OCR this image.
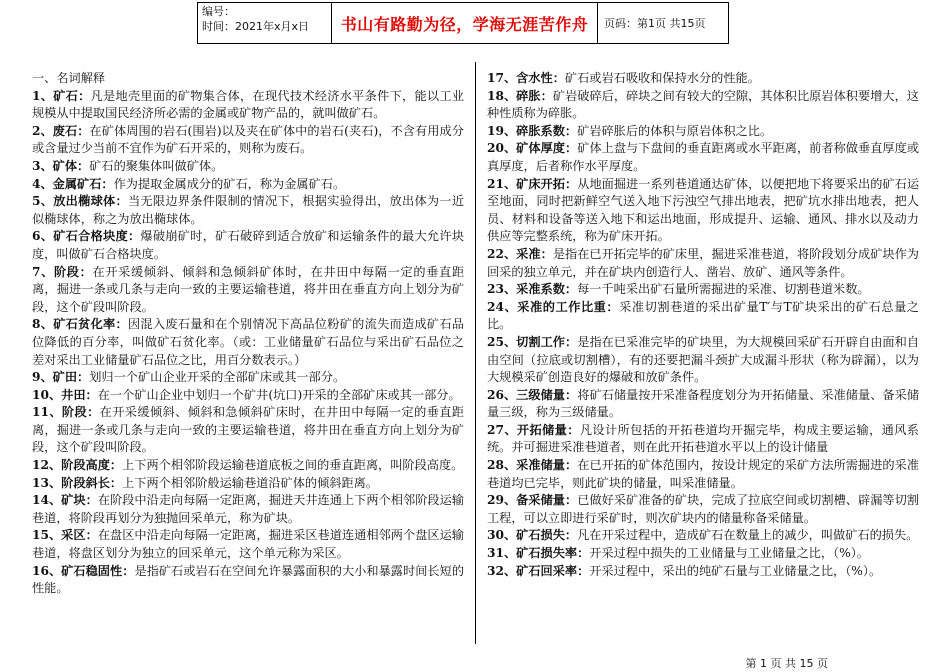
编号：
时间：2021年x月x日	书山有路勤为径，学海无涯苦作舟 页码：第1页 共15页

一、名词解释

1、矿石：凡是地壳里面的矿物集合体，在现代技术经济水平条件下，能以工业规模从中提取国民经济所必需的金属或矿物产品的，就叫做矿石。

2、废石：在矿体周围的岩石(围岩)以及夹在矿体中的岩石(夹石)，不含有用成分或含量过少当前不宜作为矿石开采的，则称为废石。

3、矿体：矿石的聚集体叫做矿体。

4、金属矿石：作为提取金属成分的矿石，称为金属矿石。

5、放出椭球体：当无限边界条件限制的情况下，根据实验得出，放出体为一近似椭球体，称之为放出椭球体。

6、矿石合格块度：爆破崩矿时，矿石破碎到适合放矿和运输条件的最大允许块度，叫做矿石合格块度。

7、阶段：在开采缓倾斜、倾斜和急倾斜矿体时，在井田中每隔一定的垂直距离，掘进一条或几条与走向一致的主要运输巷道，将井田在垂直方向上划分为矿段，这个矿段叫阶段。

8、矿石贫化率：因混入废石量和在个别情况下高品位粉矿的流失而造成矿石品位降低的百分率，叫做矿石贫化率。（或：工业储量矿石品位与采出矿石品位之差对采出工业储量矿石品位之比，用百分数表示。）

9、矿田：划归一个矿山企业开采的全部矿床或其一部分。

10、井田：在一个矿山企业中划归一个矿井(坑口)开采的全部矿床或其一部分。

11、阶段：在开采缓倾斜、倾斜和急倾斜矿床时，在井田中每隔一定的垂直距离，掘进一条或几条与走向一致的主要运输巷道，将井田在垂直方向上划分为矿段，这个矿段叫阶段。

12、阶段高度：上下两个相邻阶段运输巷道底板之间的垂直距离，叫阶段高度。

13、阶段斜长：上下两个相邻阶般运输巷道沿矿体的倾斜距离。

14、矿块：在阶段中沿走向每隔一定距离，掘进天井连通上下两个相邻阶段运输巷道，将阶段再划分为独抛回采单元，称为矿块。

15、采区：在盘区中沿走向每隔一定距离，掘进采区巷道连通相邻两个盘区运输巷道，将盘区划分为独立的回采单元，这个单元称为采区。

16、矿石稳固性：是指矿石或岩石在空间允许暴露面积的大小和暴露时间长短的性能。

17、含水性：矿石或岩石吸收和保持水分的性能。

18、碎胀：矿岩破碎后，碎块之间有较大的空隙，其体积比原岩体积要增大，这种性质称为碎胀。

19、碎胀系数：矿岩碎胀后的体积与原岩体积之比。

20、矿体厚度：矿体上盘与下盘间的垂直距离或水平距离，前者称做垂直厚度或真厚度，后者称作水平厚度。

21、矿床开拓：从地面掘进一系列巷道通达矿体，以便把地下将要采出的矿石运至地面，同时把新鲜空气送入地下污浊空气排出地表，把矿坑水排出地表，把人员、材料和设备等送入地下和运出地面，形成提升、运输、通风、排水以及动力供应等完整系统，称为矿床开拓。

22、采准：是指在已开拓完毕的矿床里，掘进采准巷道，将阶段划分成矿块作为回采的独立单元，并在矿块内创造行人、凿岩、放矿、通风等条件。

23、采准系数：每一千吨采出矿石量所需掘进的采准、切割巷道米数。

24、采准的工作比重：采准切割巷道的采出矿量T′与T矿块采出的矿石总量之比。

25、切割工作：是指在已采准完毕的矿块里，为大规模回采矿石开辟自由面和自由空间（拉底或切割槽），有的还要把漏斗颈扩大成漏斗形状（称为辟漏），以为大规模采矿创造良好的爆破和放矿条件。

26、三级储量：将矿石储量按开采准备程度划分为开拓储量、采准储量、备采储量三级，称为三级储量。

27、开拓储量：凡设计所包括的开拓巷道均开掘完毕，构成主要运输，通风系统。并可掘进采准巷道者，则在此开拓巷道水平以上的设计储量

28、采准储量：在已开拓的矿体范围内，按设计规定的采矿方法所需掘进的采准巷道均已完毕，则此矿块的储量，叫采准储量。

29、备采储量：已做好采矿准备的矿块，完成了拉底空间或切割槽、辟漏等切割工程，可以立即进行采矿时，则次矿块内的储量称备采储量。

30、矿石损失：凡在开采过程中，造成矿石在数量上的减少，叫做矿石的损失。

31、矿石损失率：开采过程中损失的工业储量与工业储量之比，（%）。

32、矿石回采率：开采过程中，采出的纯矿石量与工业储量之比，（%）。

第 1 页 共 15 页
